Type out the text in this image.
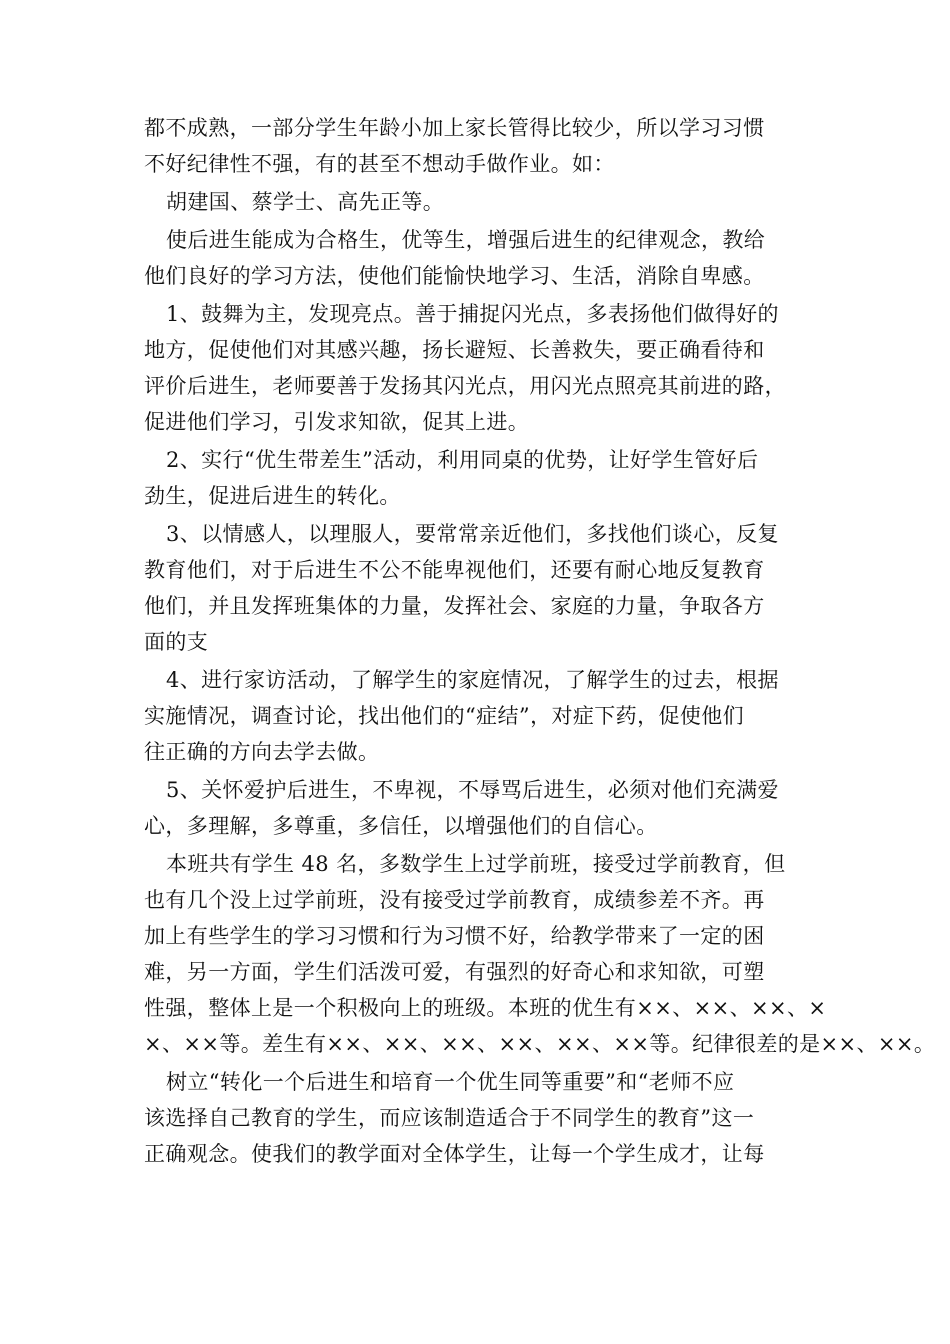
都不成熟，一部分学生年龄小加上家长管得比较少，所以学习习惯
不好纪律性不强，有的甚至不想动手做作业。如：
胡建国、蔡学士、高先正等。
使后进生能成为合格生，优等生，增强后进生的纪律观念，教给
他们良好的学习方法，使他们能愉快地学习、生活，消除自卑感。
1、鼓舞为主，发现亮点。善于捕捉闪光点，多表扬他们做得好的
地方，促使他们对其感兴趣，扬长避短、长善救失，要正确看待和
评价后进生，老师要善于发扬其闪光点，用闪光点照亮其前进的路，
促进他们学习，引发求知欲，促其上进。
2、实行“优生带差生”活动，利用同桌的优势，让好学生管好后
劲生，促进后进生的转化。
3、以情感人，以理服人，要常常亲近他们，多找他们谈心，反复
教育他们，对于后进生不公不能卑视他们，还要有耐心地反复教育
他们，并且发挥班集体的力量，发挥社会、家庭的力量，争取各方
面的支
4、进行家访活动，了解学生的家庭情况，了解学生的过去，根据
实施情况，调查讨论，找出他们的“症结”，对症下药，促使他们
往正确的方向去学去做。
5、关怀爱护后进生，不卑视，不辱骂后进生，必须对他们充满爱
心，多理解，多尊重，多信任，以增强他们的自信心。
本班共有学生 48 名，多数学生上过学前班，接受过学前教育，但
也有几个没上过学前班，没有接受过学前教育，成绩参差不齐。再
加上有些学生的学习习惯和行为习惯不好，给教学带来了一定的困
难，另一方面，学生们活泼可爱，有强烈的好奇心和求知欲，可塑
性强，整体上是一个积极向上的班级。本班的优生有××、××、××、×
×、××等。差生有××、××、××、××、××、××等。纪律很差的是××、××。
树立“转化一个后进生和培育一个优生同等重要”和“老师不应
该选择自己教育的学生，而应该制造适合于不同学生的教育”这一
正确观念。使我们的教学面对全体学生，让每一个学生成才，让每
